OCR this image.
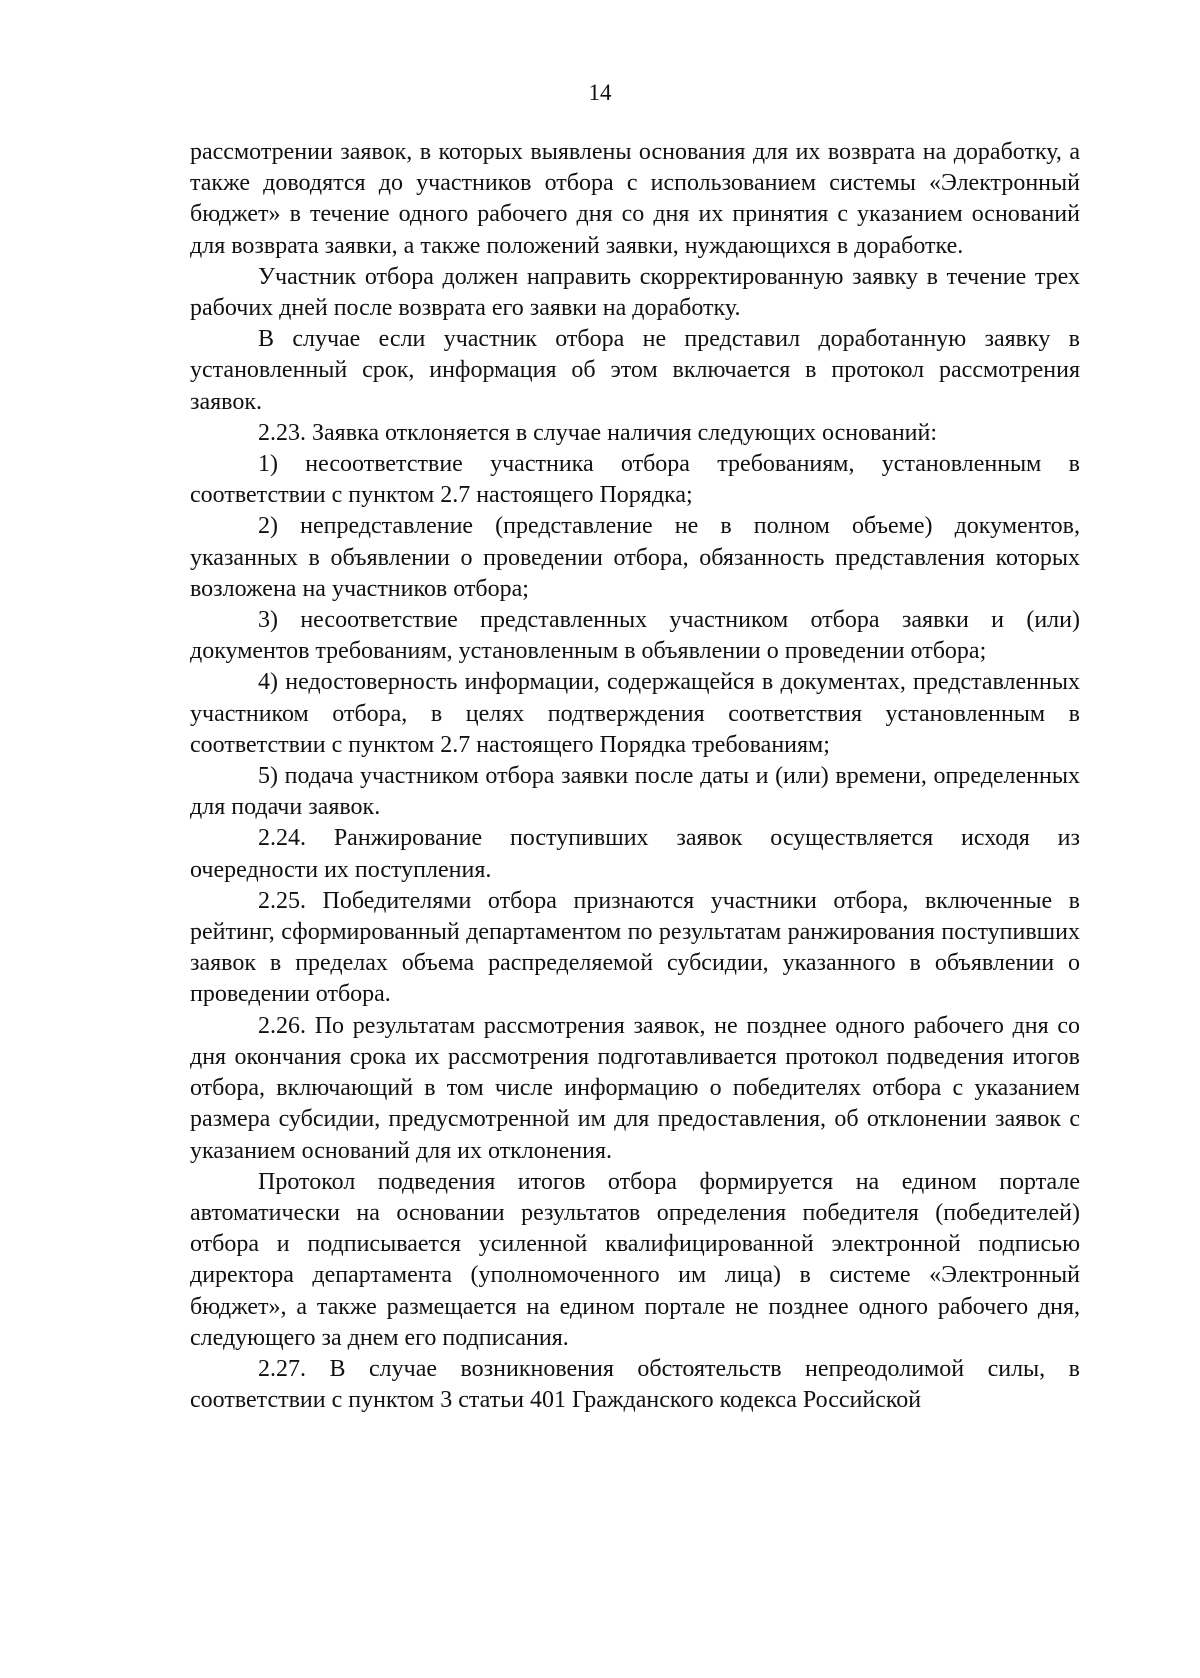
14

рассмотрении заявок, в которых выявлены основания для их возврата на доработку, а также доводятся до участников отбора с использованием системы «Электронный бюджет» в течение одного рабочего дня со дня их принятия с указанием оснований для возврата заявки, а также положений заявки, нуждающихся в доработке.

Участник отбора должен направить скорректированную заявку в течение трех рабочих дней после возврата его заявки на доработку.

В случае если участник отбора не представил доработанную заявку в установленный срок, информация об этом включается в протокол рассмотрения заявок.

2.23. Заявка отклоняется в случае наличия следующих оснований:

1) несоответствие участника отбора требованиям, установленным в соответствии с пунктом 2.7 настоящего Порядка;

2) непредставление (представление не в полном объеме) документов, указанных в объявлении о проведении отбора, обязанность представления которых возложена на участников отбора;

3) несоответствие представленных участником отбора заявки и (или) документов требованиям, установленным в объявлении о проведении отбора;

4) недостоверность информации, содержащейся в документах, представленных участником отбора, в целях подтверждения соответствия установленным в соответствии с пунктом 2.7 настоящего Порядка требованиям;

5) подача участником отбора заявки после даты и (или) времени, определенных для подачи заявок.

2.24. Ранжирование поступивших заявок осуществляется исходя из очередности их поступления.

2.25. Победителями отбора признаются участники отбора, включенные в рейтинг, сформированный департаментом по результатам ранжирования поступивших заявок в пределах объема распределяемой субсидии, указанного в объявлении о проведении отбора.

2.26. По результатам рассмотрения заявок, не позднее одного рабочего дня со дня окончания срока их рассмотрения подготавливается протокол подведения итогов отбора, включающий в том числе информацию о победителях отбора с указанием размера субсидии, предусмотренной им для предоставления, об отклонении заявок с указанием оснований для их отклонения.

Протокол подведения итогов отбора формируется на едином портале автоматически на основании результатов определения победителя (победителей) отбора и подписывается усиленной квалифицированной электронной подписью директора департамента (уполномоченного им лица) в системе «Электронный бюджет», а также размещается на едином портале не позднее одного рабочего дня, следующего за днем его подписания.

2.27. В случае возникновения обстоятельств непреодолимой силы, в соответствии с пунктом 3 статьи 401 Гражданского кодекса Российской
